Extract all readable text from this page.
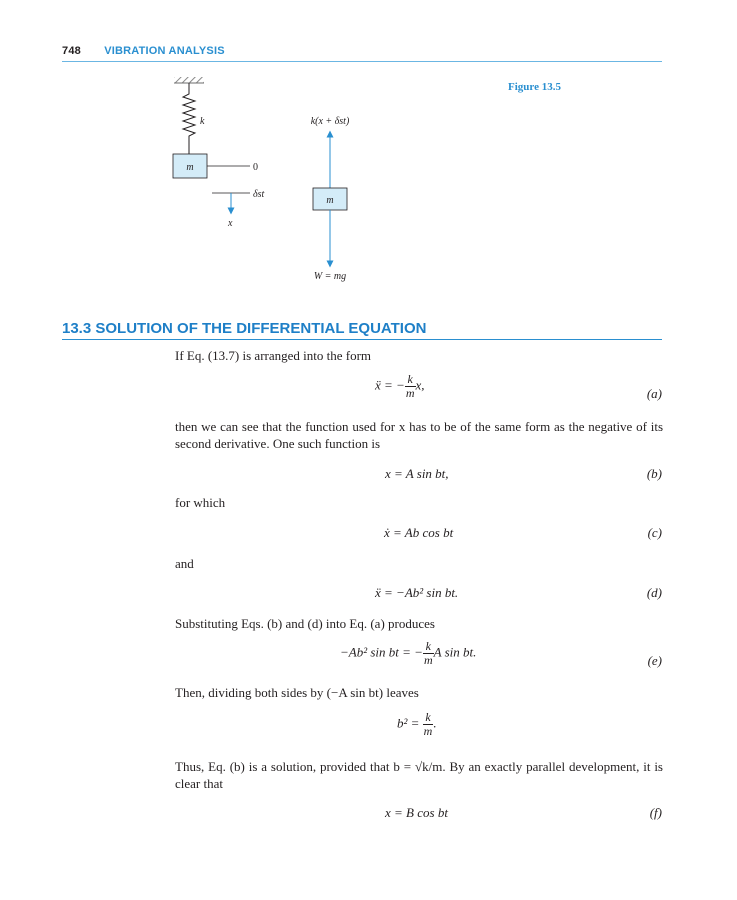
748 VIBRATION ANALYSIS
Figure 13.5
k
m	0
δst
x
k(x + δst)
m
W = mg
13.3 SOLUTION OF THE DIFFERENTIAL EQUATION
If Eq. (13.7) is arranged into the form
ẍ = − $\frac{k}{m} x$,
(a)
then we can see that the function used for x has to be of the same form as the negative of its second derivative. One such function is
x = A sin bt,	(b)
for which
ẋ = Ab cos bt	(c)
and
ẍ = −Ab² sin bt.	(d)
Substituting Eqs. (b) and (d) into Eq. (a) produces
−Ab² sin bt = − $\frac{k}{m}$ A sin bt.
(e)
Then, dividing both sides by (−A sin bt) leaves
$b^2 = \frac{k}{m}$ .
Thus, Eq. (b) is a solution, provided that b = √k/m. By an exactly parallel development, it is clear that
x = B cos bt	(f)
